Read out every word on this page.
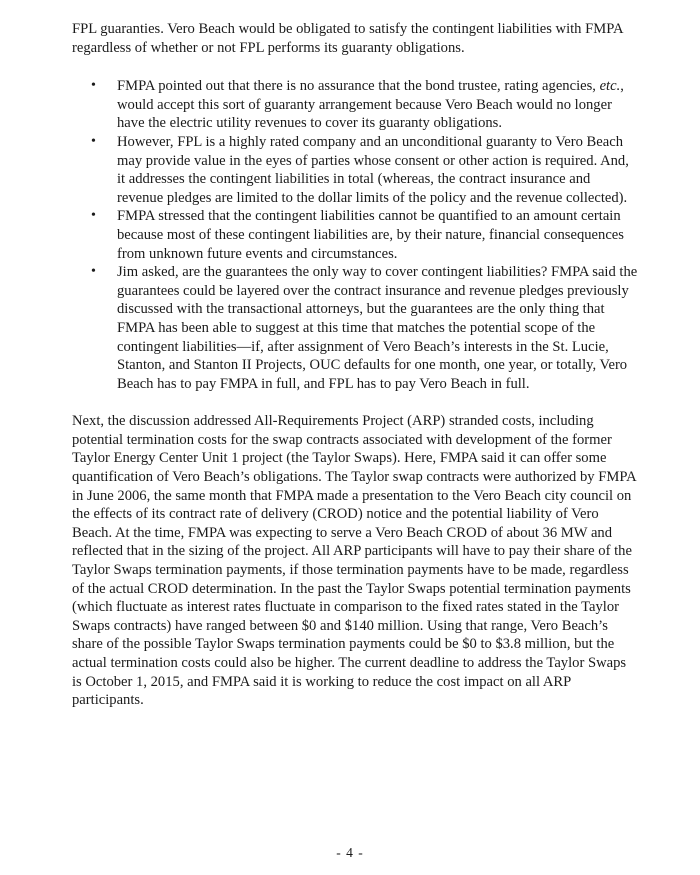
FPL guaranties. Vero Beach would be obligated to satisfy the contingent liabilities with FMPA regardless of whether or not FPL performs its guaranty obligations.

• FMPA pointed out that there is no assurance that the bond trustee, rating agencies, etc., would accept this sort of guaranty arrangement because Vero Beach would no longer have the electric utility revenues to cover its guaranty obligations.
• However, FPL is a highly rated company and an unconditional guaranty to Vero Beach may provide value in the eyes of parties whose consent or other action is required. And, it addresses the contingent liabilities in total (whereas, the contract insurance and revenue pledges are limited to the dollar limits of the policy and the revenue collected).
• FMPA stressed that the contingent liabilities cannot be quantified to an amount certain because most of these contingent liabilities are, by their nature, financial consequences from unknown future events and circumstances.
• Jim asked, are the guarantees the only way to cover contingent liabilities? FMPA said the guarantees could be layered over the contract insurance and revenue pledges previously discussed with the transactional attorneys, but the guarantees are the only thing that FMPA has been able to suggest at this time that matches the potential scope of the contingent liabilities—if, after assignment of Vero Beach’s interests in the St. Lucie, Stanton, and Stanton II Projects, OUC defaults for one month, one year, or totally, Vero Beach has to pay FMPA in full, and FPL has to pay Vero Beach in full.

Next, the discussion addressed All-Requirements Project (ARP) stranded costs, including potential termination costs for the swap contracts associated with development of the former Taylor Energy Center Unit 1 project (the Taylor Swaps). Here, FMPA said it can offer some quantification of Vero Beach’s obligations. The Taylor swap contracts were authorized by FMPA in June 2006, the same month that FMPA made a presentation to the Vero Beach city council on the effects of its contract rate of delivery (CROD) notice and the potential liability of Vero Beach. At the time, FMPA was expecting to serve a Vero Beach CROD of about 36 MW and reflected that in the sizing of the project. All ARP participants will have to pay their share of the Taylor Swaps termination payments, if those termination payments have to be made, regardless of the actual CROD determination. In the past the Taylor Swaps potential termination payments (which fluctuate as interest rates fluctuate in comparison to the fixed rates stated in the Taylor Swaps contracts) have ranged between $0 and $140 million. Using that range, Vero Beach’s share of the possible Taylor Swaps termination payments could be $0 to $3.8 million, but the actual termination costs could also be higher. The current deadline to address the Taylor Swaps is October 1, 2015, and FMPA said it is working to reduce the cost impact on all ARP participants.

- 4 -
